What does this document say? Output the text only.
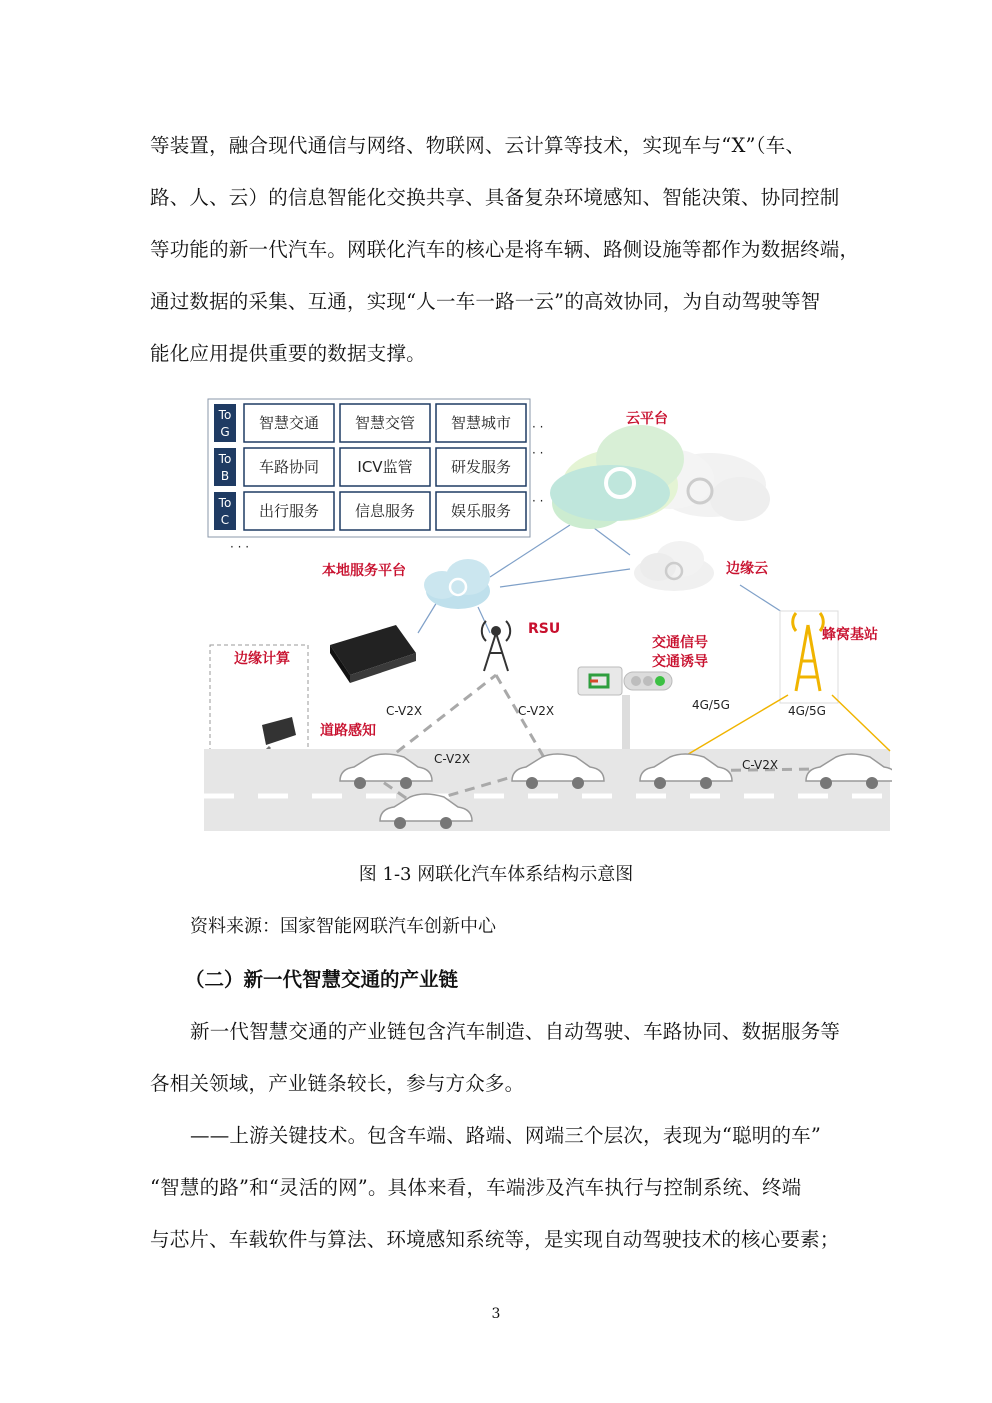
等装置，融合现代通信与网络、物联网、云计算等技术，实现车与“X”（车、
路、人、云）的信息智能化交换共享、具备复杂环境感知、智能决策、协同控制
等功能的新一代汽车。网联化汽车的核心是将车辆、路侧设施等都作为数据终端，
通过数据的采集、互通，实现“人一车一路一云”的高效协同，为自动驾驶等智
能化应用提供重要的数据支撑。
To
G
To
B
To
C
智慧交通 智慧交管 智慧城市
车路协同	ICV监管	研发服务
出行服务 信息服务 娱乐服务
· ·
· ·
· ·
· · ·
云平台
本地服务平台	边缘云
边缘计算
RSU
交通信号
交通诱导
蜂窝基站
道路感知
C-V2X	C-V2X
C-V2X	C-V2X
4G/5G	4G/5G

图 1-3 网联化汽车体系结构示意图

资料来源：国家智能网联汽车创新中心

（二）新一代智慧交通的产业链

新一代智慧交通的产业链包含汽车制造、自动驾驶、车路协同、数据服务等
各相关领域，产业链条较长，参与方众多。
——上游关键技术。包含车端、路端、网端三个层次，表现为“聪明的车”
“智慧的路”和“灵活的网”。具体来看，车端涉及汽车执行与控制系统、终端
与芯片、车载软件与算法、环境感知系统等，是实现自动驾驶技术的核心要素；

3
